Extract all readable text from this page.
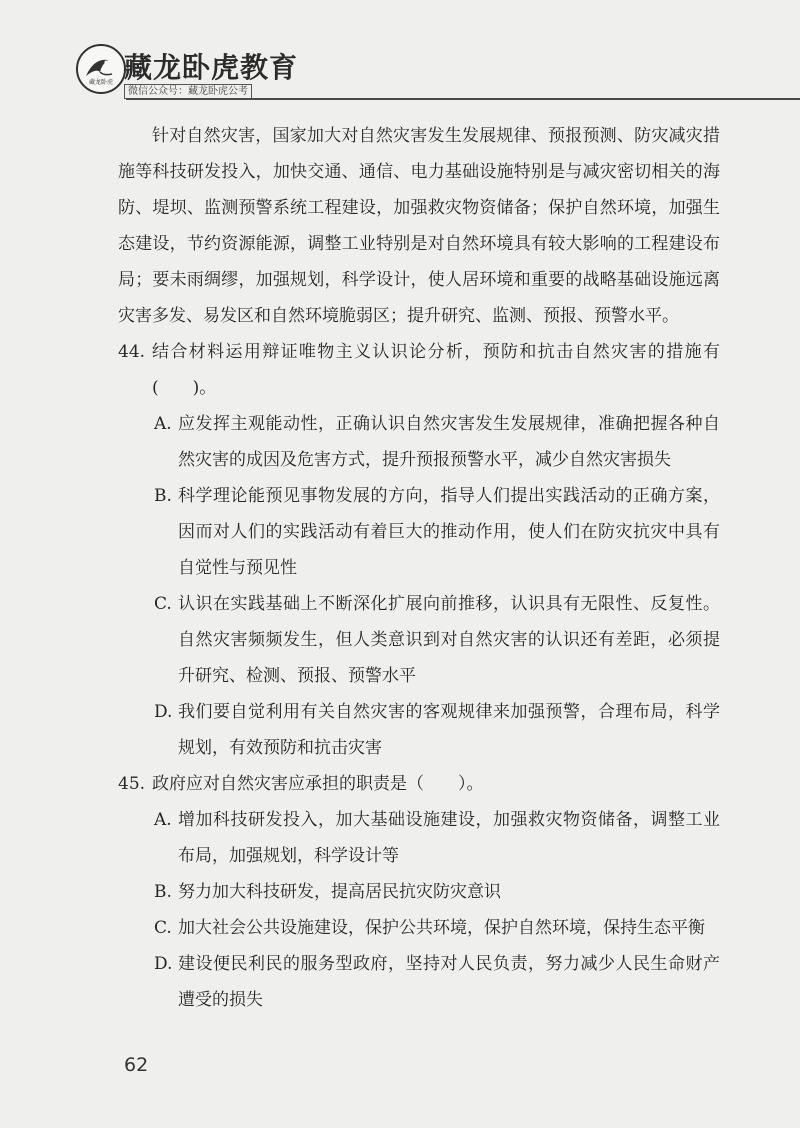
藏龙卧虎 藏龙卧虎教育
微信公众号：藏龙卧虎公考

针对自然灾害，国家加大对自然灾害发生发展规律、预报预测、防灾减灾措施等科技研发投入，加快交通、通信、电力基础设施特别是与减灾密切相关的海防、堤坝、监测预警系统工程建设，加强救灾物资储备；保护自然环境，加强生态建设，节约资源能源，调整工业特别是对自然环境具有较大影响的工程建设布局；要未雨绸缪，加强规划，科学设计，使人居环境和重要的战略基础设施远离灾害多发、易发区和自然环境脆弱区；提升研究、监测、预报、预警水平。

44. 结合材料运用辩证唯物主义认识论分析，预防和抗击自然灾害的措施有(　　)。
A. 应发挥主观能动性，正确认识自然灾害发生发展规律，准确把握各种自然灾害的成因及危害方式，提升预报预警水平，减少自然灾害损失
B. 科学理论能预见事物发展的方向，指导人们提出实践活动的正确方案，因而对人们的实践活动有着巨大的推动作用，使人们在防灾抗灾中具有自觉性与预见性
C. 认识在实践基础上不断深化扩展向前推移，认识具有无限性、反复性。自然灾害频频发生，但人类意识到对自然灾害的认识还有差距，必须提升研究、检测、预报、预警水平
D. 我们要自觉利用有关自然灾害的客观规律来加强预警，合理布局，科学规划，有效预防和抗击灾害
45. 政府应对自然灾害应承担的职责是（　　）。
A. 增加科技研发投入，加大基础设施建设，加强救灾物资储备，调整工业布局，加强规划，科学设计等
B. 努力加大科技研发，提高居民抗灾防灾意识
C. 加大社会公共设施建设，保护公共环境，保护自然环境，保持生态平衡
D. 建设便民利民的服务型政府，坚持对人民负责，努力减少人民生命财产遭受的损失
62
